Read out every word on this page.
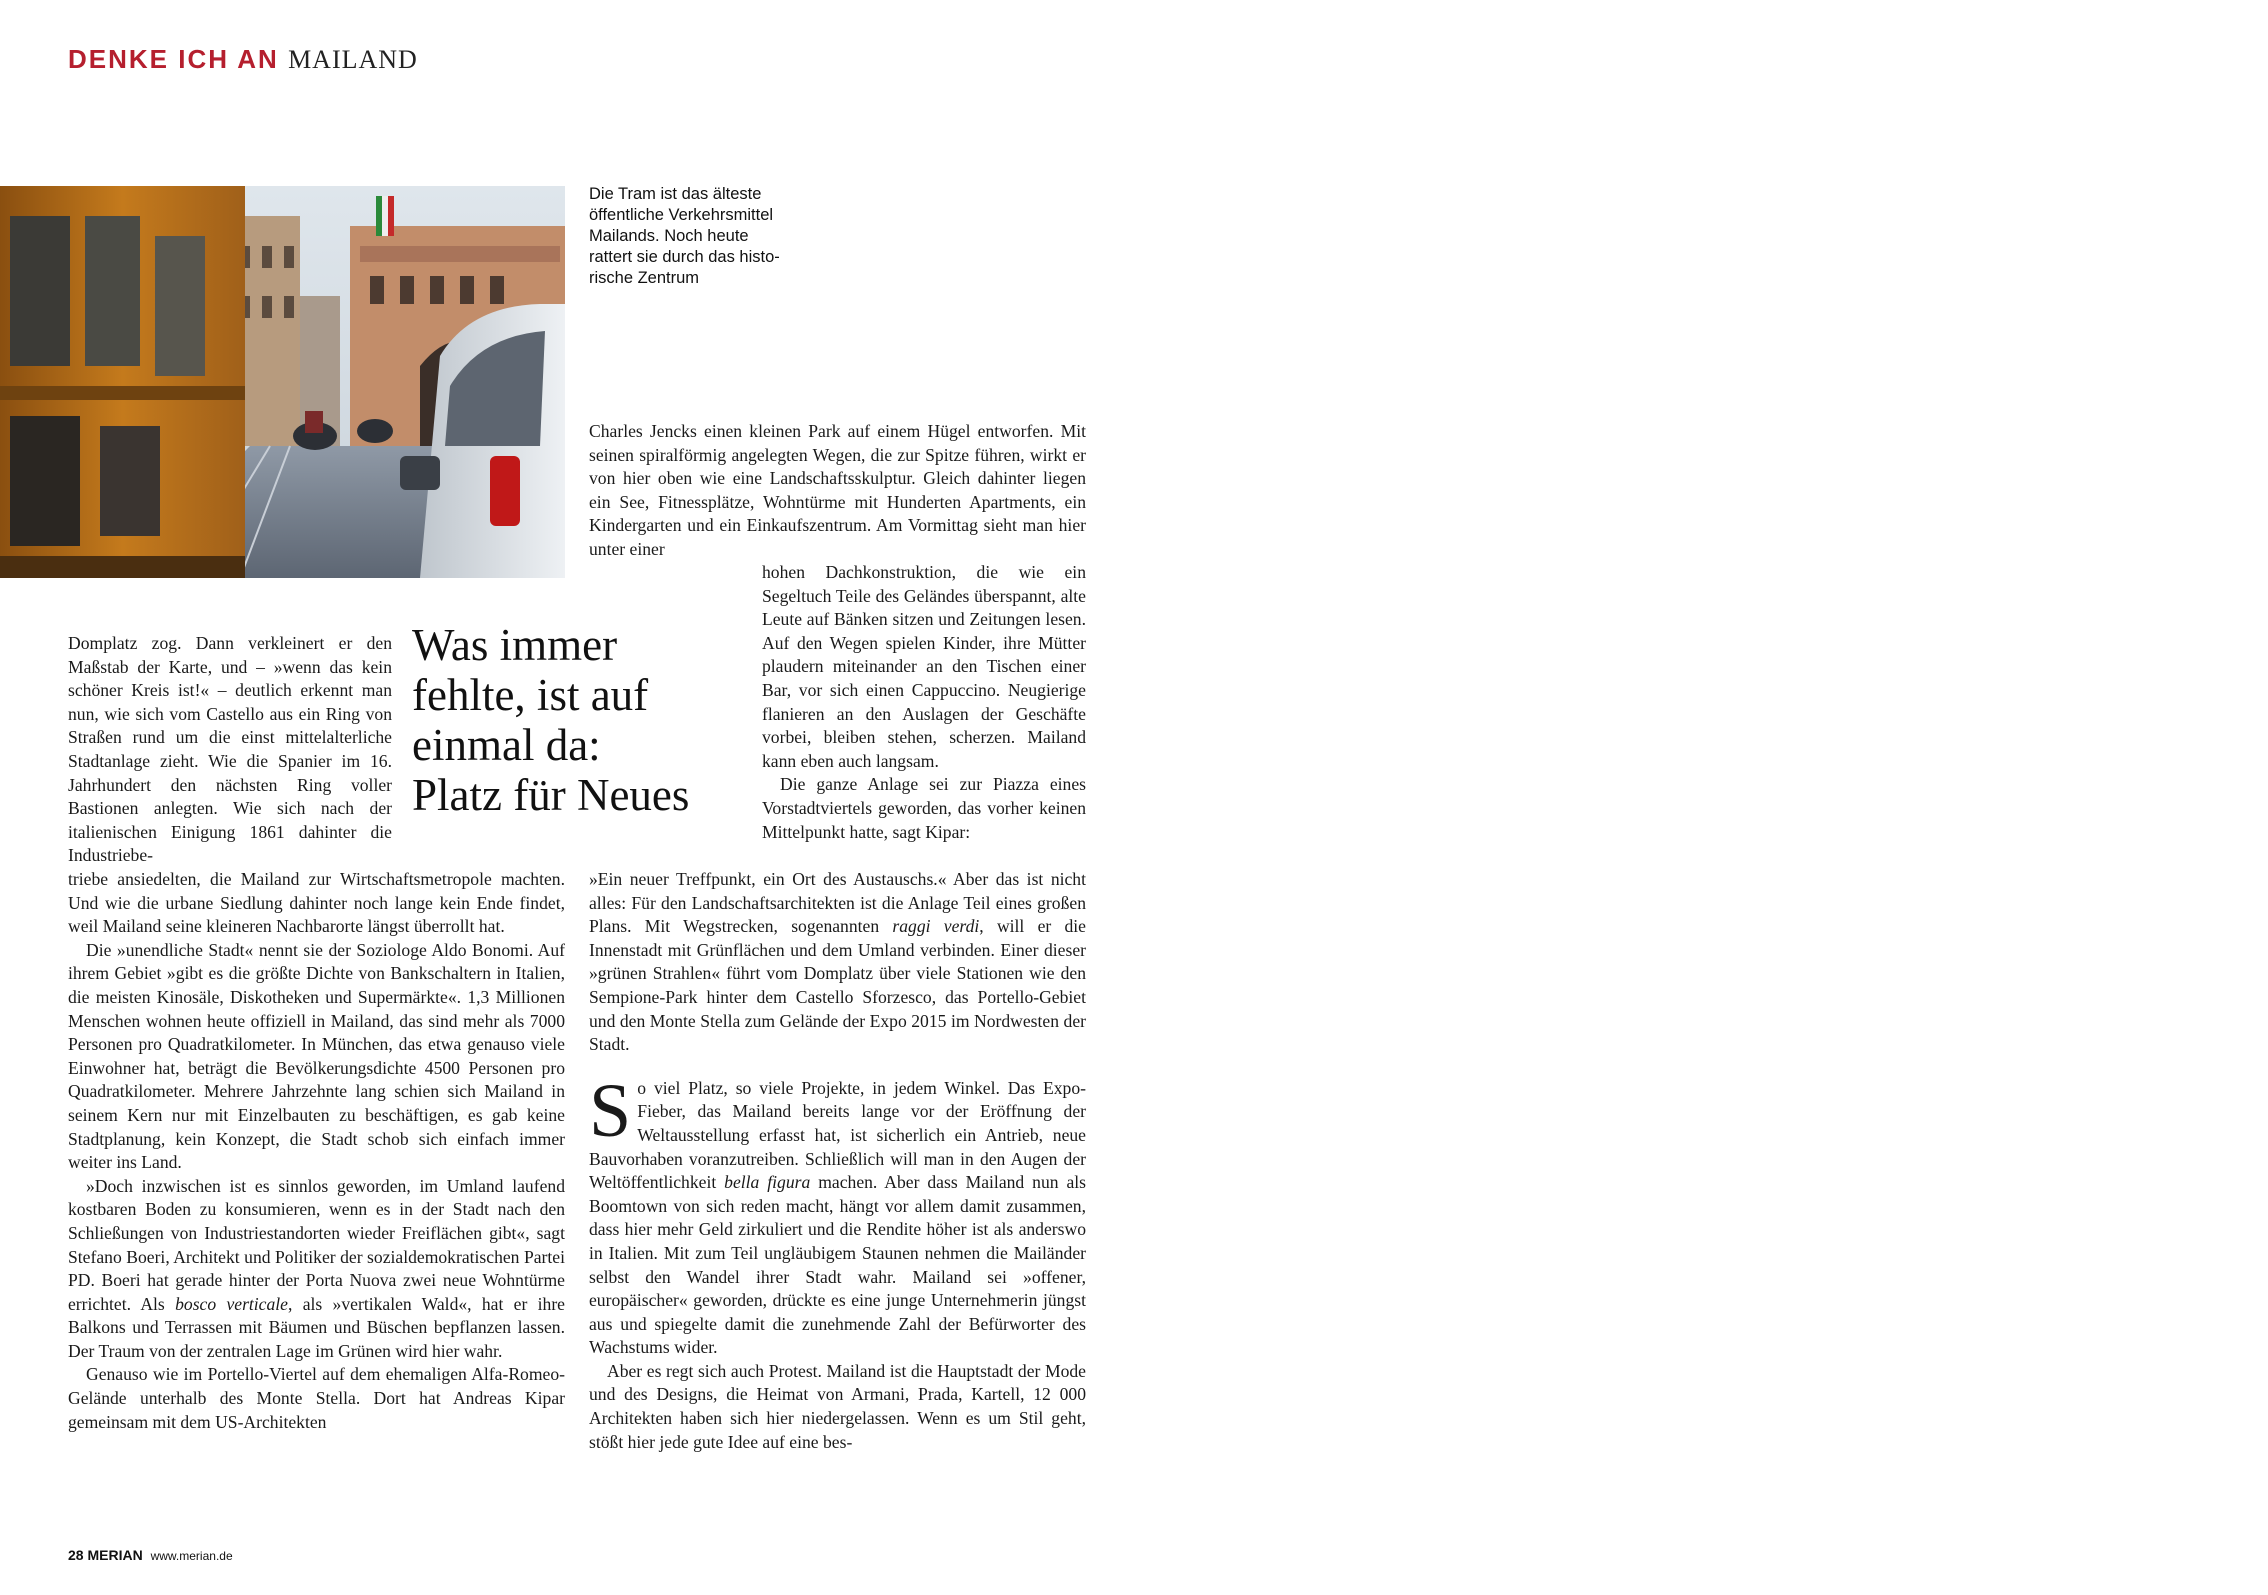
DENKE ICH AN MAILAND

Die Tram ist das älteste

öffentliche Verkehrsmittel

Mailands. Noch heute

rattert sie durch das histo-

rische Zentrum

Was immer
fehlte, ist auf
einmal da:
Platz für Neues

Domplatz zog. Dann verkleinert er den Maßstab der Karte, und – »wenn das kein schöner Kreis ist!« – deutlich erkennt man nun, wie sich vom Castello aus ein Ring von Straßen rund um die einst mittelalterliche Stadtanlage zieht. Wie die Spanier im 16. Jahrhundert den nächsten Ring voller Bastionen anlegten. Wie sich nach der italienischen Einigung 1861 dahinter die Industriebe-

triebe ansiedelten, die Mailand zur Wirtschaftsmetropole machten. Und wie die urbane Siedlung dahinter noch lange kein Ende findet, weil Mailand seine kleineren Nachbarorte längst überrollt hat.

Die »unendliche Stadt« nennt sie der Soziologe Aldo Bonomi. Auf ihrem Gebiet »gibt es die größte Dichte von Bankschaltern in Italien, die meisten Kinosäle, Diskotheken und Supermärkte«. 1,3 Millionen Menschen wohnen heute offiziell in Mailand, das sind mehr als 7000 Personen pro Quadratkilometer. In München, das etwa genauso viele Einwohner hat, beträgt die Bevölkerungsdichte 4500 Personen pro Quadratkilometer. Mehrere Jahrzehnte lang schien sich Mailand in seinem Kern nur mit Einzelbauten zu beschäftigen, es gab keine Stadtplanung, kein Konzept, die Stadt schob sich einfach immer weiter ins Land.

»Doch inzwischen ist es sinnlos geworden, im Umland laufend kostbaren Boden zu konsumieren, wenn es in der Stadt nach den Schließungen von Industriestandorten wieder Freiflächen gibt«, sagt Stefano Boeri, Architekt und Politiker der sozialdemokratischen Partei PD. Boeri hat gerade hinter der Porta Nuova zwei neue Wohntürme errichtet. Als bosco verticale, als »vertikalen Wald«, hat er ihre Balkons und Terrassen mit Bäumen und Büschen bepflanzen lassen. Der Traum von der zentralen Lage im Grünen wird hier wahr.

Genauso wie im Portello-Viertel auf dem ehemaligen Alfa-Romeo-Gelände unterhalb des Monte Stella. Dort hat Andreas Kipar gemeinsam mit dem US-Architekten

Charles Jencks einen kleinen Park auf einem Hügel entworfen. Mit seinen spiralförmig angelegten Wegen, die zur Spitze führen, wirkt er von hier oben wie eine Landschaftsskulptur. Gleich dahinter liegen ein See, Fitnessplätze, Wohntürme mit Hunderten Apartments, ein Kindergarten und ein Einkaufszentrum. Am Vormittag sieht man hier unter einer

hohen Dachkonstruktion, die wie ein Segeltuch Teile des Geländes überspannt, alte Leute auf Bänken sitzen und Zeitungen lesen. Auf den Wegen spielen Kinder, ihre Mütter plaudern miteinander an den Tischen einer Bar, vor sich einen Cappuccino. Neugierige flanieren an den Auslagen der Geschäfte vorbei, bleiben stehen, scherzen. Mailand kann eben auch langsam.

Die ganze Anlage sei zur Piazza eines Vorstadtviertels geworden, das vorher keinen Mittelpunkt hatte, sagt Kipar:

»Ein neuer Treffpunkt, ein Ort des Austauschs.« Aber das ist nicht alles: Für den Landschaftsarchitekten ist die Anlage Teil eines großen Plans. Mit Wegstrecken, sogenannten raggi verdi, will er die Innenstadt mit Grünflächen und dem Umland verbinden. Einer dieser »grünen Strahlen« führt vom Domplatz über viele Stationen wie den Sempione-Park hinter dem Castello Sforzesco, das Portello-Gebiet und den Monte Stella zum Gelände der Expo 2015 im Nordwesten der Stadt.

So viel Platz, so viele Projekte, in jedem Winkel. Das Expo-Fieber, das Mailand bereits lange vor der Eröffnung der Weltausstellung erfasst hat, ist sicherlich ein Antrieb, neue Bauvorhaben voranzutreiben. Schließlich will man in den Augen der Weltöffentlichkeit bella figura machen. Aber dass Mailand nun als Boomtown von sich reden macht, hängt vor allem damit zusammen, dass hier mehr Geld zirkuliert und die Rendite höher ist als anderswo in Italien. Mit zum Teil ungläubigem Staunen nehmen die Mailänder selbst den Wandel ihrer Stadt wahr. Mailand sei »offener, europäischer« geworden, drückte es eine junge Unternehmerin jüngst aus und spiegelte damit die zunehmende Zahl der Befürworter des Wachstums wider.

Aber es regt sich auch Protest. Mailand ist die Hauptstadt der Mode und des Designs, die Heimat von Armani, Prada, Kartell, 12 000 Architekten haben sich hier niedergelassen. Wenn es um Stil geht, stößt hier jede gute Idee auf eine bes-

28 MERIAN www.merian.de
